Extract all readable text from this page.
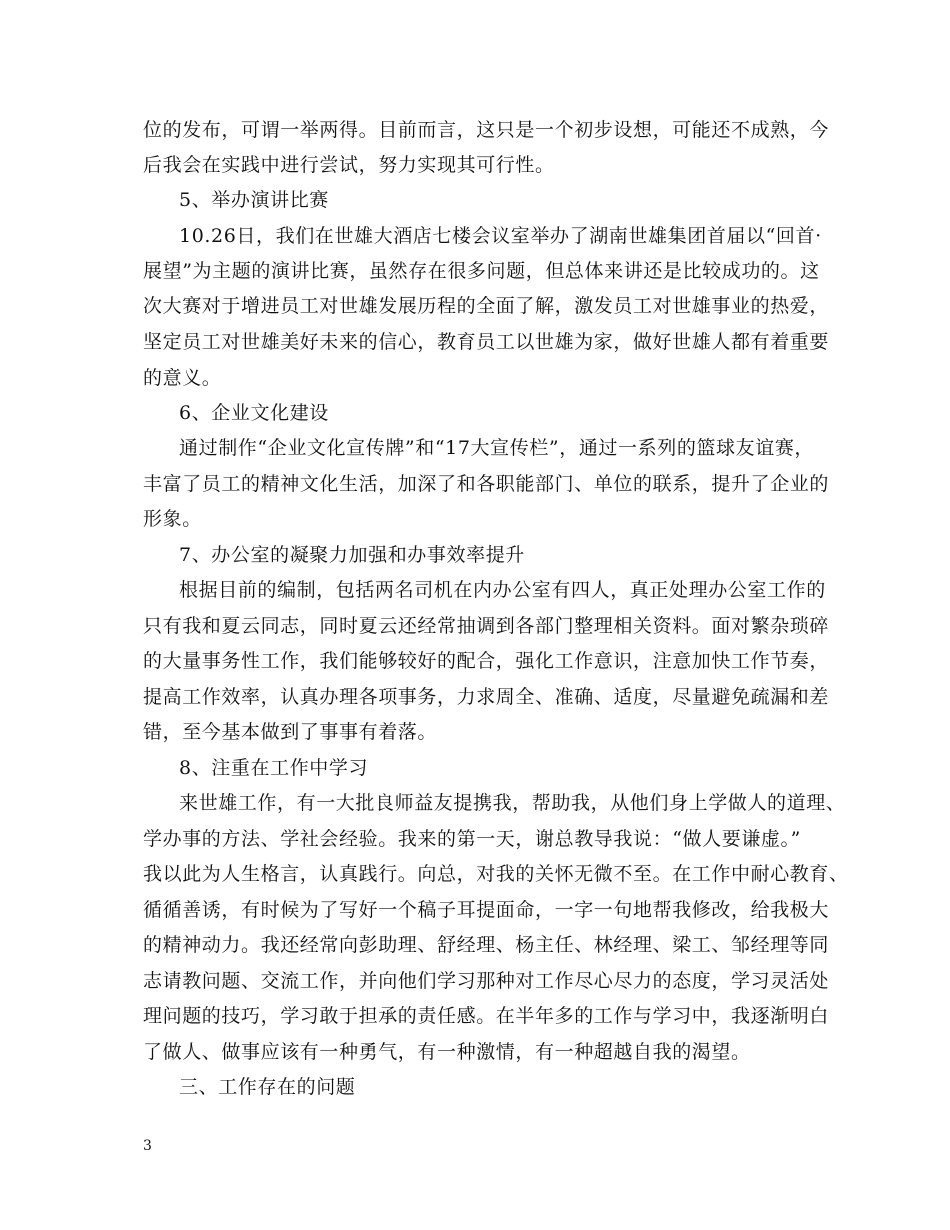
位的发布，可谓一举两得。目前而言，这只是一个初步设想，可能还不成熟，今
后我会在实践中进行尝试，努力实现其可行性。
5、举办演讲比赛
10.26日，我们在世雄大酒店七楼会议室举办了湖南世雄集团首届以“回首·
展望”为主题的演讲比赛，虽然存在很多问题，但总体来讲还是比较成功的。这
次大赛对于增进员工对世雄发展历程的全面了解，激发员工对世雄事业的热爱，
坚定员工对世雄美好未来的信心，教育员工以世雄为家，做好世雄人都有着重要
的意义。
6、企业文化建设
通过制作“企业文化宣传牌”和“17大宣传栏”，通过一系列的篮球友谊赛，
丰富了员工的精神文化生活，加深了和各职能部门、单位的联系，提升了企业的
形象。
7、办公室的凝聚力加强和办事效率提升
根据目前的编制，包括两名司机在内办公室有四人，真正处理办公室工作的
只有我和夏云同志，同时夏云还经常抽调到各部门整理相关资料。面对繁杂琐碎
的大量事务性工作，我们能够较好的配合，强化工作意识，注意加快工作节奏，
提高工作效率，认真办理各项事务，力求周全、准确、适度，尽量避免疏漏和差
错，至今基本做到了事事有着落。
8、注重在工作中学习
来世雄工作，有一大批良师益友提携我，帮助我，从他们身上学做人的道理、
学办事的方法、学社会经验。我来的第一天，谢总教导我说：“做人要谦虚。”
我以此为人生格言，认真践行。向总，对我的关怀无微不至。在工作中耐心教育、
循循善诱，有时候为了写好一个稿子耳提面命，一字一句地帮我修改，给我极大
的精神动力。我还经常向彭助理、舒经理、杨主任、林经理、梁工、邹经理等同
志请教问题、交流工作，并向他们学习那种对工作尽心尽力的态度，学习灵活处
理问题的技巧，学习敢于担承的责任感。在半年多的工作与学习中，我逐渐明白
了做人、做事应该有一种勇气，有一种激情，有一种超越自我的渴望。
三、工作存在的问题
3
